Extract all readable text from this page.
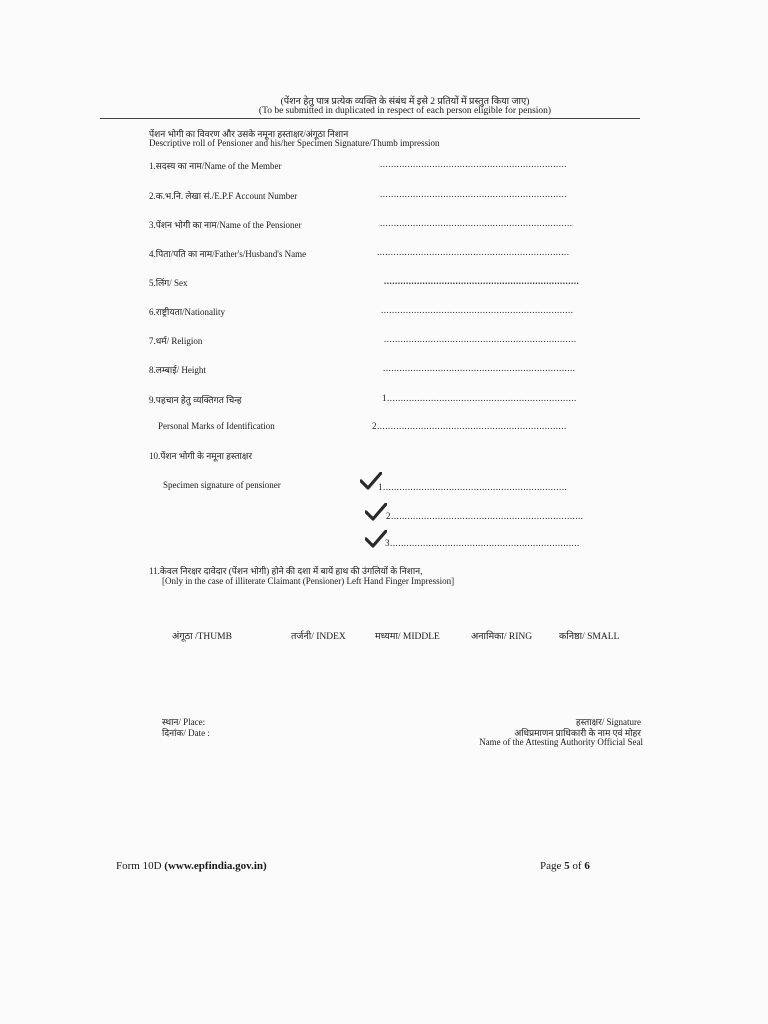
(पेंशन हेतु पात्र प्रत्येक व्यक्ति के संबंध में इसे 2 प्रतियों में प्रस्तुत किया जाए)
(To be submitted in duplicated in respect of each person eligible for pension)
पेंशन भोगी का विवरण और उसके नमूना हस्ताक्षर/अंगूठा निशान
Descriptive roll of Pensioner and his/her Specimen Signature/Thumb impression
1.सदस्य का नाम/Name of the Member	....................................................................
2.क.भ.नि. लेखा सं./E.P.F Account Number	....................................................................
3.पेंशन भोगी का नाम/Name of the Pensioner	......................................................................
4.पिता/पति का नाम/Father's/Husband's Name	......................................................................
5.लिंग/ Sex	.......................................................................
6.राष्ट्रीयता/Nationality	......................................................................
7.धर्म/ Religion	......................................................................
8.लम्बाई/ Height	......................................................................
9.पहचान हेतु व्यक्तिगत चिन्ह	1.....................................................................
Personal Marks of Identification	2.....................................................................
10.पेंशन भोगी के नमूना हस्ताक्षर
Specimen signature of pensioner	1...................................................................
2......................................................................
3.....................................................................
11.केवल निरक्षर दावेदार (पेंशन भोगी) होने की दशा में बायें हाथ की उंगलियों के निशान,
[Only in the case of illiterate Claimant (Pensioner) Left Hand Finger Impression]
अंगूठा /THUMB	तर्जनी/ INDEX	मध्यमा/ MIDDLE	अनामिका/ RING	कनिष्ठा/ SMALL
स्थान/ Place:
दिनांक/ Date :
हस्ताक्षर/ Signature
अधिप्रमाणन प्राधिकारी के नाम एवं मोहर
Name of the Attesting Authority Official Seal
Form 10D (www.epfindia.gov.in)	Page 5 of 6
